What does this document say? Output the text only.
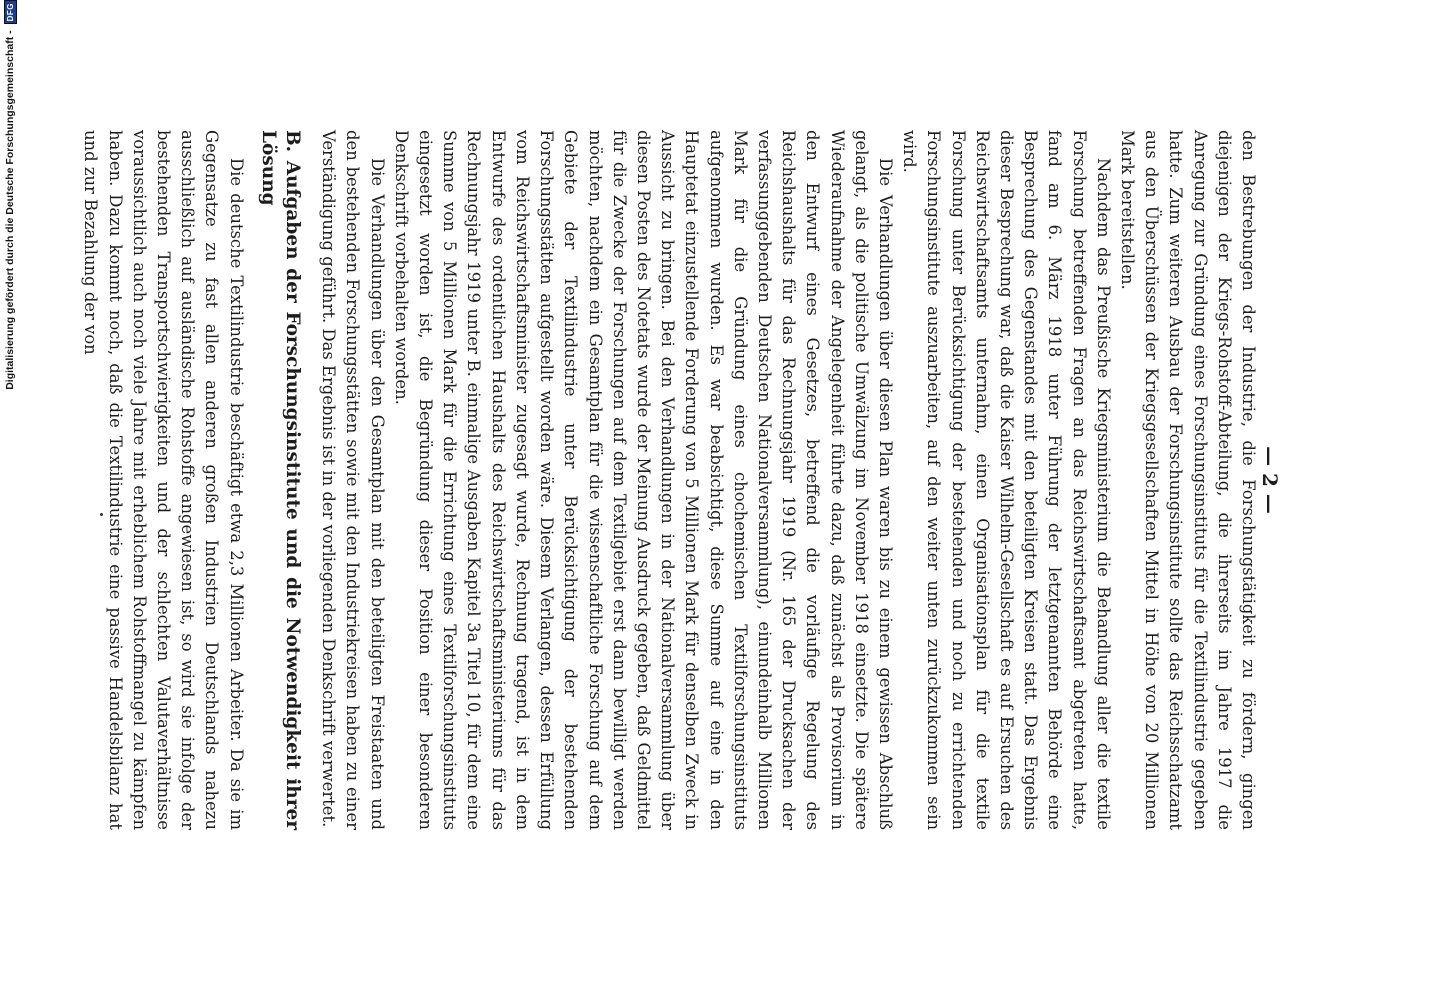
Digitalisierung gefördert durch die Deutsche Forschungsgemeinschaft -
DFG
— 2 —

den Bestrebungen der Industrie, die Forschungstätigkeit zu fördern, gingen diejenigen der Kriegs-Rohstoff-Abteilung, die ihrerseits im Jahre 1917 die Anregung zur Gründung eines Forschungsinstituts für die Textilindustrie gegeben hatte. Zum weiteren Ausbau der Forschungsinstitute sollte das Reichsschatzamt aus den Überschüssen der Kriegsgesellschaften Mittel in Höhe von 20 Millionen Mark bereitstellen.

Nachdem das Preußische Kriegsministerium die Behandlung aller die textile Forschung betreffenden Fragen an das Reichswirtschaftsamt abgetreten hatte, fand am 6. März 1918 unter Führung der letztgenannten Behörde eine Besprechung des Gegenstandes mit den beteiligten Kreisen statt. Das Ergebnis dieser Besprechung war, daß die Kaiser Wilhelm-Gesellschaft es auf Ersuchen des Reichswirtschaftsamts unternahm, einen Organisationsplan für die textile Forschung unter Berücksichtigung der bestehenden und noch zu errichtenden Forschungsinstitute auszuarbeiten, auf den weiter unten zurückzukommen sein wird.

Die Verhandlungen über diesen Plan waren bis zu einem gewissen Abschluß gelangt, als die politische Umwälzung im November 1918 einsetzte. Die spätere Wiederaufnahme der Angelegenheit führte dazu, daß zunächst als Provisorium in den Entwurf eines Gesetzes, betreffend die vorläufige Regelung des Reichshaushalts für das Rechnungsjahr 1919 (Nr. 165 der Drucksachen der verfassunggebenden Deutschen Nationalversammlung), einundeinhalb Millionen Mark für die Gründung eines chochemischen Textilforschungsinstituts aufgenommen wurden. Es war beabsichtigt, diese Summe auf eine in den Hauptetat einzustellende Forderung von 5 Millionen Mark für denselben Zweck in Aussicht zu bringen. Bei den Verhandlungen in der Nationalversammlung über diesen Posten des Notetats wurde der Meinung Ausdruck gegeben, daß Geldmittel für die Zwecke der Forschungen auf dem Textilgebiet erst dann bewilligt werden möchten, nachdem ein Gesamtplan für die wissenschaftliche Forschung auf dem Gebiete der Textilindustrie unter Berücksichtigung der bestehenden Forschungsstätten aufgestellt worden wäre. Diesem Verlangen, dessen Erfüllung vom Reichswirtschaftsminister zugesagt wurde, Rechnung tragend, ist in dem Entwurfe des ordentlichen Haushalts des Reichswirtschaftsministeriums für das Rechnungsjahr 1919 unter B. einmalige Ausgaben Kapitel 3a Titel 10, für dem eine Summe von 5 Millionen Mark für die Errichtung eines Textilforschungsinstituts eingesetzt worden ist, die Begründung dieser Position einer besonderen Denkschrift vorbehalten worden.

Die Verhandlungen über den Gesamtplan mit den beteiligten Freistaaten und den bestehenden Forschungsstätten sowie mit den Industriekreisen haben zu einer Verständigung geführt. Das Ergebnis ist in der vorliegenden Denkschrift verwertet.

B. Aufgaben der Forschungsinstitute und die Notwendigkeit ihrer Lösung

Die deutsche Textilindustrie beschäftigt etwa 2,3 Millionen Arbeiter. Da sie im Gegensatze zu fast allen anderen großen Industrien Deutschlands nahezu ausschließlich auf ausländische Rohstoffe angewiesen ist, so wird sie infolge der bestehenden Transportschwierigkeiten und der schlechten Valutaverhältnisse voraussichtlich auch noch viele Jahre mit erheblichem Rohstoffmangel zu kämpfen haben. Dazu kommt noch, daß die Textilindustrie eine passive Handelsbilanz hat und zur Bezahlung der von
